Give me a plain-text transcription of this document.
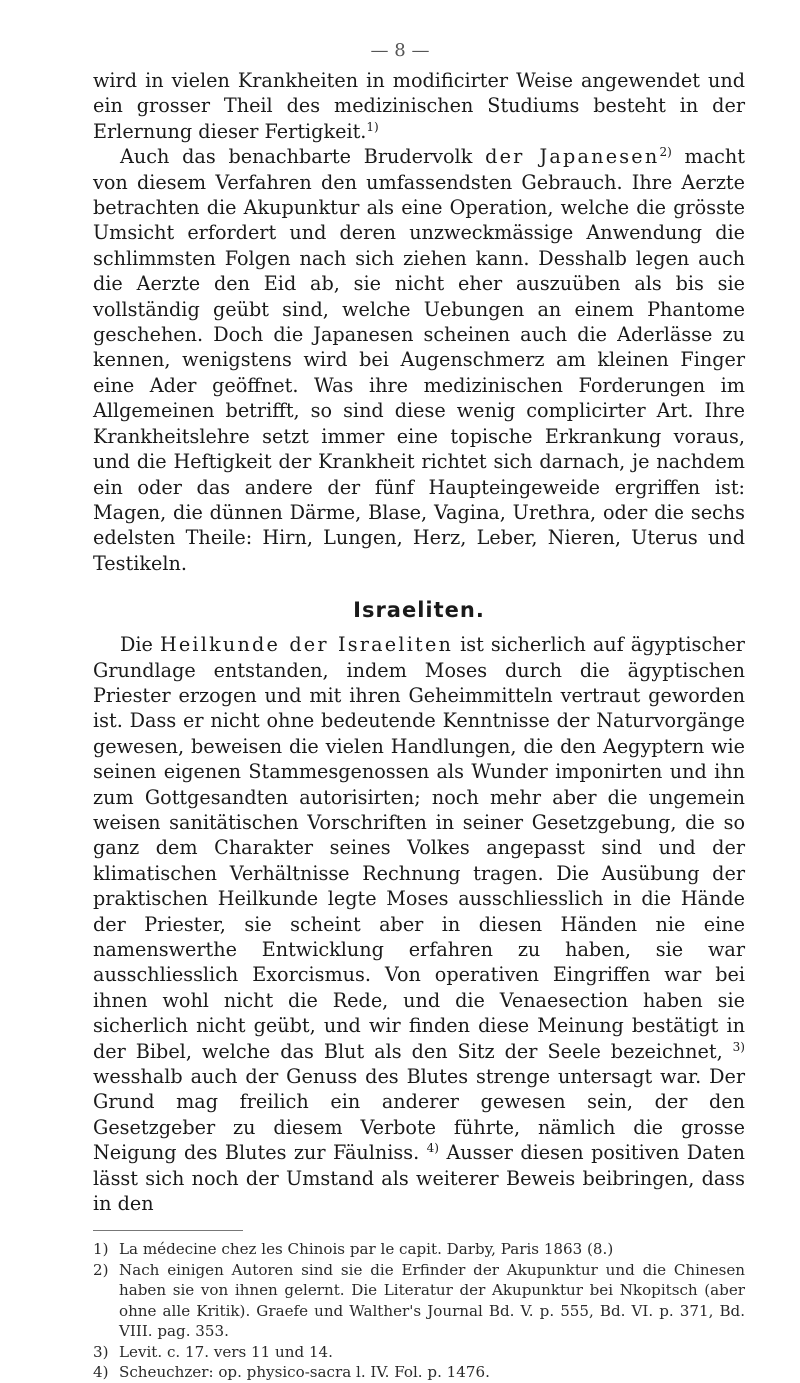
— 8 —

wird in vielen Krankheiten in modificirter Weise angewendet und ein grosser Theil des medizinischen Studiums besteht in der Erlernung dieser Fertigkeit.$^{1)}$

Auch das benachbarte Brudervolk der Japanesen$^{2)}$ macht von diesem Verfahren den umfassendsten Gebrauch. Ihre Aerzte betrachten die Akupunktur als eine Operation, welche die grösste Umsicht erfordert und deren unzweckmässige Anwendung die schlimmsten Folgen nach sich ziehen kann. Desshalb legen auch die Aerzte den Eid ab, sie nicht eher auszuüben als bis sie vollständig geübt sind, welche Uebungen an einem Phantome geschehen. Doch die Japanesen scheinen auch die Aderlässe zu kennen, wenigstens wird bei Augenschmerz am kleinen Finger eine Ader geöffnet. Was ihre medizinischen Forderungen im Allgemeinen betrifft, so sind diese wenig complicirter Art. Ihre Krankheitslehre setzt immer eine topische Erkrankung voraus, und die Heftigkeit der Krankheit richtet sich darnach, je nachdem ein oder das andere der fünf Haupteingeweide ergriffen ist: Magen, die dünnen Därme, Blase, Vagina, Urethra, oder die sechs edelsten Theile: Hirn, Lungen, Herz, Leber, Nieren, Uterus und Testikeln.

Israeliten.

Die Heilkunde der Israeliten ist sicherlich auf ägyptischer Grundlage entstanden, indem Moses durch die ägyptischen Priester erzogen und mit ihren Geheimmitteln vertraut geworden ist. Dass er nicht ohne bedeutende Kenntnisse der Naturvorgänge gewesen, beweisen die vielen Handlungen, die den Aegyptern wie seinen eigenen Stammesgenossen als Wunder imponirten und ihn zum Gottgesandten autorisirten; noch mehr aber die ungemein weisen sanitätischen Vorschriften in seiner Gesetzgebung, die so ganz dem Charakter seines Volkes angepasst sind und der klimatischen Verhältnisse Rechnung tragen. Die Ausübung der praktischen Heilkunde legte Moses ausschliesslich in die Hände der Priester, sie scheint aber in diesen Händen nie eine namenswerthe Entwicklung erfahren zu haben, sie war ausschliesslich Exorcismus. Von operativen Eingriffen war bei ihnen wohl nicht die Rede, und die Venaesection haben sie sicherlich nicht geübt, und wir finden diese Meinung bestätigt in der Bibel, welche das Blut als den Sitz der Seele bezeichnet, $^{3)}$ wesshalb auch der Genuss des Blutes strenge untersagt war. Der Grund mag freilich ein anderer gewesen sein, der den Gesetzgeber zu diesem Verbote führte, nämlich die grosse Neigung des Blutes zur Fäulniss. $^{4)}$ Ausser diesen positiven Daten lässt sich noch der Umstand als weiterer Beweis beibringen, dass in den

1) La médecine chez les Chinois par le capit. Darby, Paris 1863 (8.)
2) Nach einigen Autoren sind sie die Erfinder der Akupunktur und die Chinesen haben sie von ihnen gelernt. Die Literatur der Akupunktur bei Nkopitsch (aber ohne alle Kritik). Graefe und Walther's Journal Bd. V. p. 555, Bd. VI. p. 371, Bd. VIII. pag. 353.
3) Levit. c. 17. vers 11 und 14.
4) Scheuchzer: op. physico-sacra l. IV. Fol. p. 1476.
